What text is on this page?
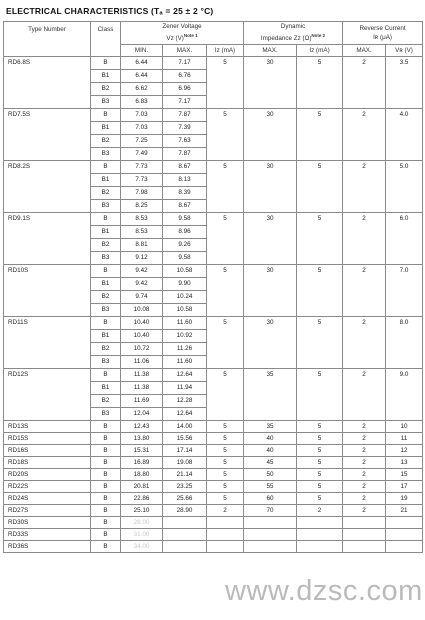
ELECTRICAL CHARACTERISTICS (Tₐ = 25 ± 2 °C)
Type Number	Class	Zener Voltage
Vz $(V)^{Note 1}$			Dynamic
Impedance Zz $(\Omega)^{Note 2}$		Reverse Current
Iʀ (μA)	
		MIN.	MAX.	Iz (mA)	MAX.	Iz (mA)	MAX.	Vʀ (V)
RD6.8S	B	6.44	7.17	5	30	5	2	3.5
	B1	6.44	6.76					
	B2	6.62	6.96					
	B3	6.83	7.17					
RD7.5S	B	7.03	7.87	5	30	5	2	4.0
	B1	7.03	7.39					
	B2	7.25	7.63					
	B3	7.49	7.87					
RD8.2S	B	7.73	8.67	5	30	5	2	5.0
	B1	7.73	8.13					
	B2	7.98	8.39					
	B3	8.25	8.67					
RD9.1S	B	8.53	9.58	5	30	5	2	6.0
	B1	8.53	8.96					
	B2	8.81	9.26					
	B3	9.12	9.58					
RD10S	B	9.42	10.58	5	30	5	2	7.0
	B1	9.42	9.90					
	B2	9.74	10.24					
	B3	10.08	10.58					
RD11S	B	10.40	11.60	5	30	5	2	8.0
	B1	10.40	10.92					
	B2	10.72	11.26					
	B3	11.06	11.60					
RD12S	B	11.38	12.64	5	35	5	2	9.0
	B1	11.38	11.94					
	B2	11.69	12.28					
	B3	12.04	12.64					
RD13S	B	12.43	14.00	5	35	5	2	10
RD15S	B	13.80	15.56	5	40	5	2	11
RD16S	B	15.31	17.14	5	40	5	2	12
RD18S	B	16.89	19.08	5	45	5	2	13
RD20S	B	18.80	21.14	5	50	5	2	15
RD22S	B	20.81	23.25	5	55	5	2	17
RD24S	B	22.86	25.66	5	60	5	2	19
RD27S	B	25.10	28.90	2	70	2	2	21
RD30S	B	28.00						
RD33S	B	31.00						
RD36S	B	34.00						
www.dzsc.com
